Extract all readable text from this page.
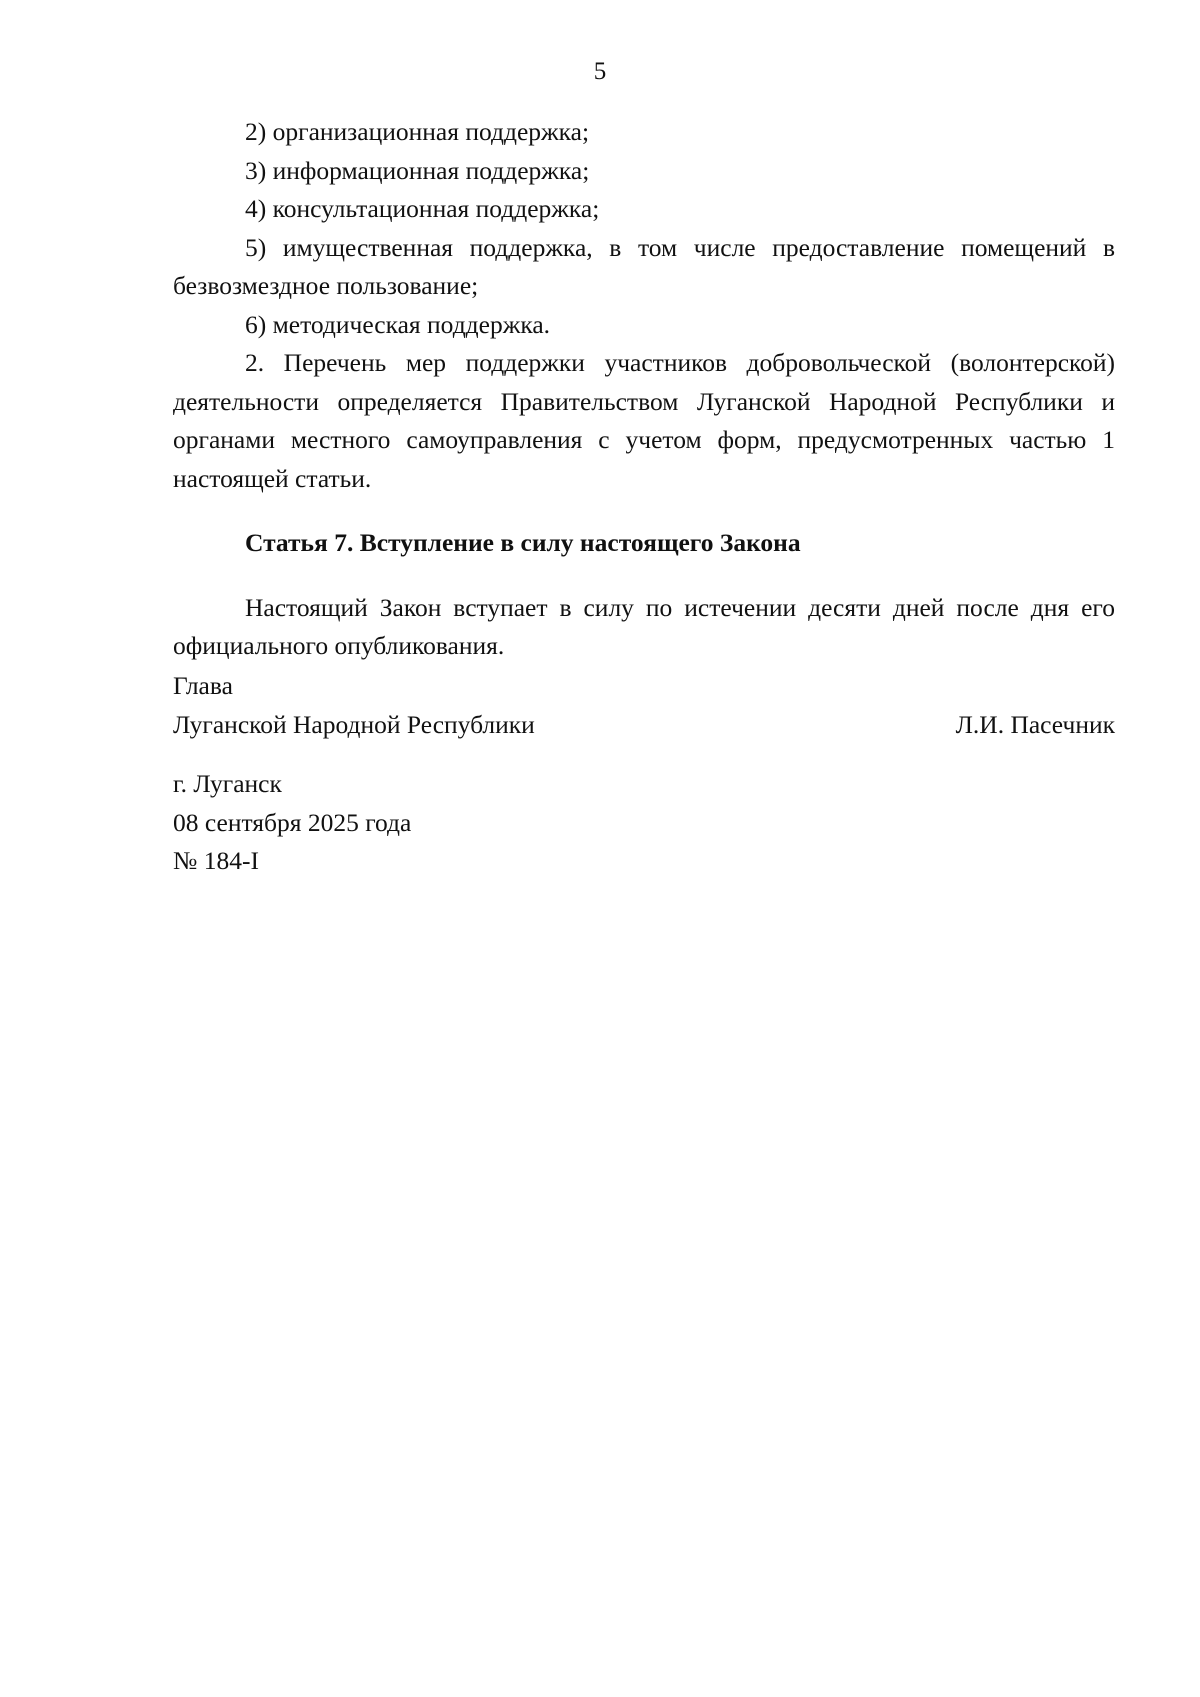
5

2) организационная поддержка;

3) информационная поддержка;

4) консультационная поддержка;

5) имущественная поддержка, в том числе предоставление помещений в безвозмездное пользование;

6) методическая поддержка.

2. Перечень мер поддержки участников добровольческой (волонтерской) деятельности определяется Правительством Луганской Народной Республики и органами местного самоуправления с учетом форм, предусмотренных частью 1 настоящей статьи.

Статья 7. Вступление в силу настоящего Закона

Настоящий Закон вступает в силу по истечении десяти дней после дня его официального опубликования.

Глава
Луганской Народной Республики	Л.И. Пасечник
г. Луганск
08 сентября 2025 года
№ 184-I
